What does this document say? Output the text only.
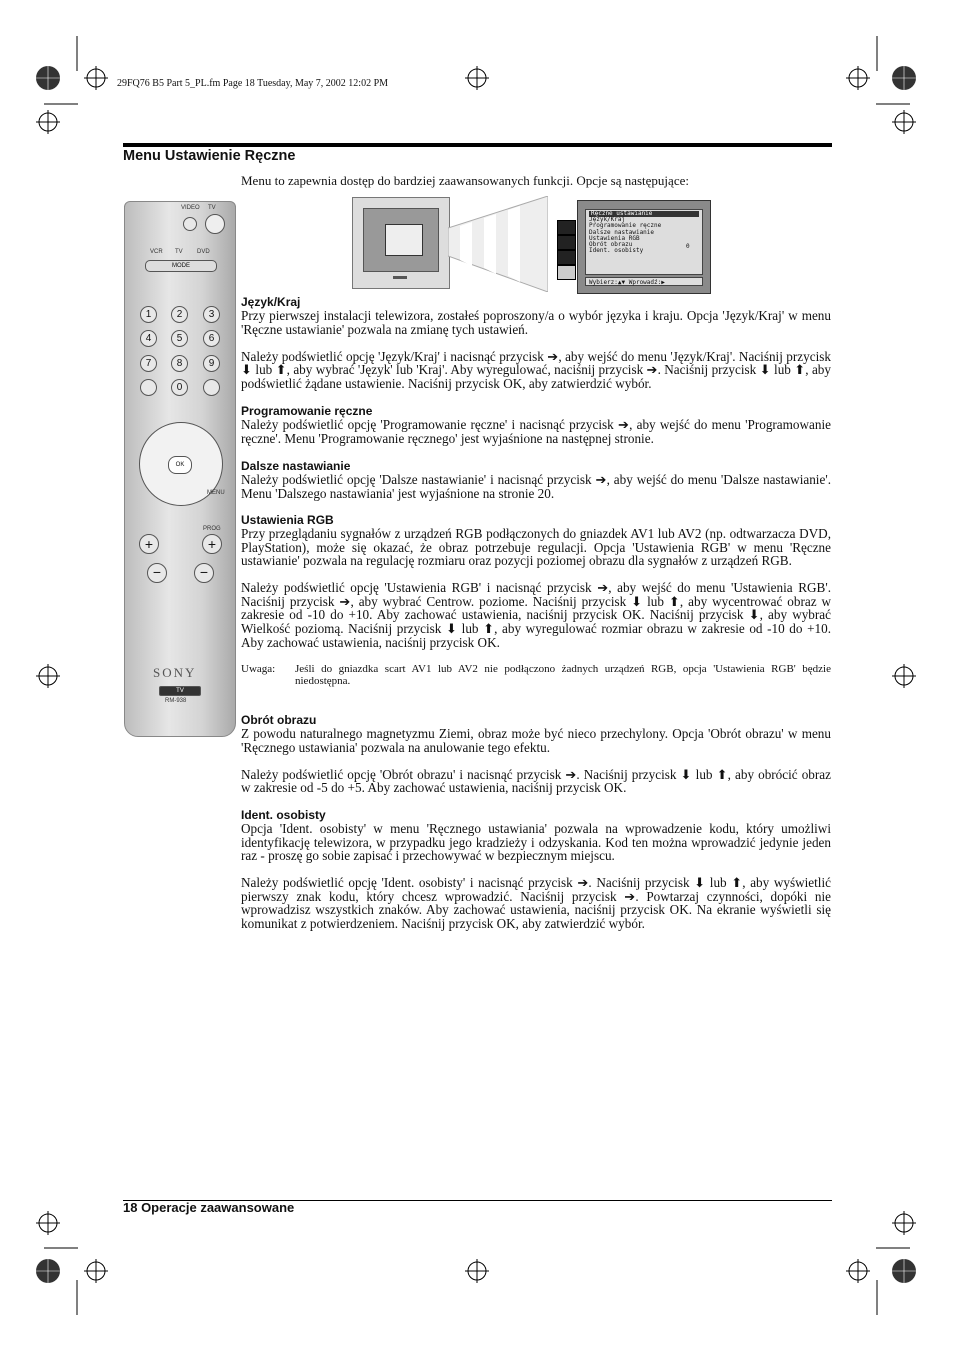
29FQ76 B5 Part 5_PL.fm Page 18 Tuesday, May 7, 2002 12:02 PM
Menu Ustawienie Ręczne
Menu to zapewnia dostęp do bardziej zaawansowanych funkcji. Opcje są następujące:
VIDEO TV
VCR TV DVD
MODE
1	2	3
4	5	6
7	8	9
0
OK
MENU
PROG
+	+
−	−
SONY
TV
RM-938
Ręczne ustawianie
Język/Kraj
Programowanie ręczne
Dalsze nastawianie
Ustawienia RGB
Obrót obrazu
Ident. osobisty
0
Wybierz:▲▼ Wprowadź:▶
Język/Kraj

Przy pierwszej instalacji telewizora, zostałeś poproszony/a o wybór języka i kraju. Opcja 'Język/Kraj' w menu 'Ręczne ustawianie' pozwala na zmianę tych ustawień.

Należy podświetlić opcję 'Język/Kraj' i nacisnąć przycisk ➔, aby wejść do menu 'Język/Kraj'. Naciśnij przycisk ⬇ lub ⬆, aby wybrać 'Język' lub 'Kraj'. Aby wyregulować, naciśnij przycisk ➔. Naciśnij przycisk ⬇ lub ⬆, aby podświetlić żądane ustawienie. Naciśnij przycisk OK, aby zatwierdzić wybór.

Programowanie ręczne

Należy podświetlić opcję 'Programowanie ręczne' i nacisnąć przycisk ➔, aby wejść do menu 'Programowanie ręczne'. Menu 'Programowanie ręcznego' jest wyjaśnione na następnej stronie.

Dalsze nastawianie

Należy podświetlić opcję 'Dalsze nastawianie' i nacisnąć przycisk ➔, aby wejść do menu 'Dalsze nastawianie'. Menu 'Dalszego nastawiania' jest wyjaśnione na stronie 20.

Ustawienia RGB

Przy przeglądaniu sygnałów z urządzeń RGB podłączonych do gniazdek AV1 lub AV2 (np. odtwarzacza DVD, PlayStation), może się okazać, że obraz potrzebuje regulacji. Opcja 'Ustawienia RGB' w menu 'Ręczne ustawianie' pozwala na regulację rozmiaru oraz pozycji poziomej obrazu dla sygnałów z urządzeń RGB.

Należy podświetlić opcję 'Ustawienia RGB' i nacisnąć przycisk ➔, aby wejść do menu 'Ustawienia RGB'. Naciśnij przycisk ➔, aby wybrać Centrow. poziome. Naciśnij przycisk ⬇ lub ⬆, aby wycentrować obraz w zakresie od -10 do +10. Aby zachować ustawienia, naciśnij przycisk OK. Naciśnij przycisk ⬇, aby wybrać Wielkość poziomą. Naciśnij przycisk ⬇ lub ⬆, aby wyregulować rozmiar obrazu w zakresie od -10 do +10. Aby zachować ustawienia, naciśnij przycisk OK.

Uwaga:	Jeśli do gniazdka scart AV1 lub AV2 nie podłączono żadnych urządzeń RGB, opcja 'Ustawienia RGB' będzie niedostępna.
Obrót obrazu

Z powodu naturalnego magnetyzmu Ziemi, obraz może być nieco przechylony. Opcja 'Obrót obrazu' w menu 'Ręcznego ustawiania' pozwala na anulowanie tego efektu.

Należy podświetlić opcję 'Obrót obrazu' i nacisnąć przycisk ➔. Naciśnij przycisk ⬇ lub ⬆, aby obrócić obraz w zakresie od -5 do +5. Aby zachować ustawienia, naciśnij przycisk OK.

Ident. osobisty

Opcja 'Ident. osobisty' w menu 'Ręcznego ustawiania' pozwala na wprowadzenie kodu, który umożliwi identyfikację telewizora, w przypadku jego kradzieży i odzyskania. Kod ten można wprowadzić jedynie jeden raz - proszę go sobie zapisać i przechowywać w bezpiecznym miejscu.

Należy podświetlić opcję 'Ident. osobisty' i nacisnąć przycisk ➔. Naciśnij przycisk ⬇ lub ⬆, aby wyświetlić pierwszy znak kodu, który chcesz wprowadzić. Naciśnij przycisk ➔. Powtarzaj czynności, dopóki nie wprowadzisz wszystkich znaków. Aby zachować ustawienia, naciśnij przycisk OK. Na ekranie wyświetli się komunikat z potwierdzeniem. Naciśnij przycisk OK, aby zatwierdzić wybór.

18 Operacje zaawansowane
